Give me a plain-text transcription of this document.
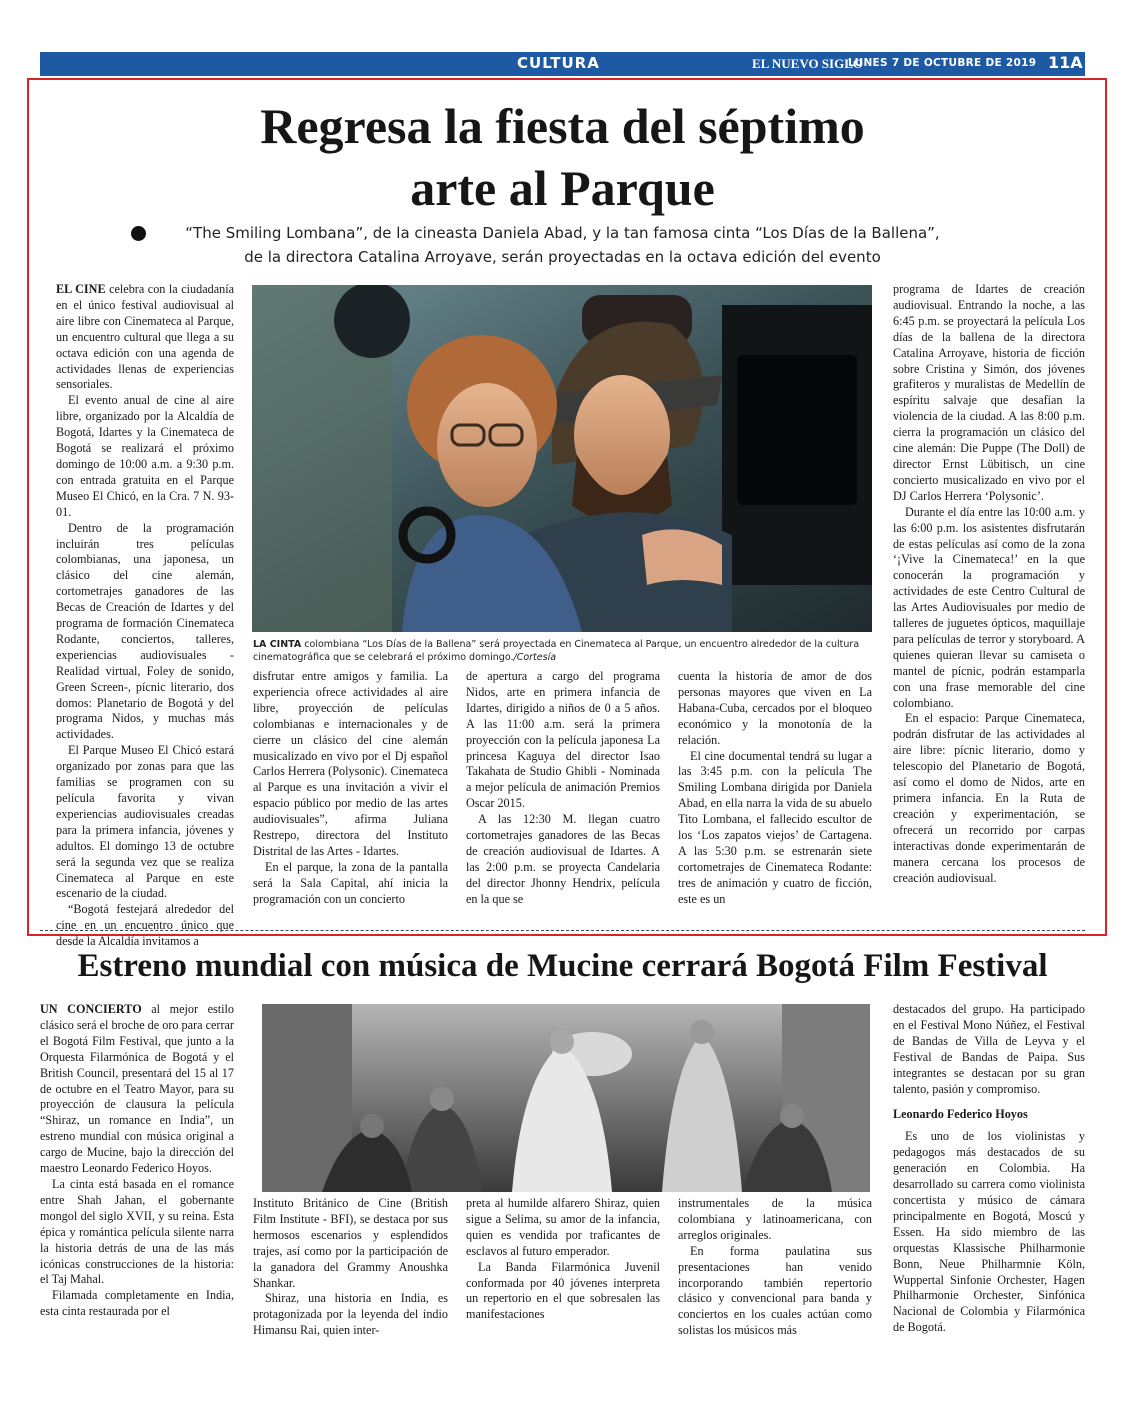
CULTURA	EL NUEVO SIGLO
LUNES 7 DE OCTUBRE DE 2019 11A
Regresa la fiesta del séptimo
arte al Parque
“The Smiling Lombana”, de la cineasta Daniela Abad, y la tan famosa cinta “Los Días de la Ballena”,
de la directora Catalina Arroyave, serán proyectadas en la octava edición del evento

EL CINE celebra con la ciudadanía en el único festival audiovisual al aire libre con Cinemateca al Parque, un encuentro cultural que llega a su octava edición con una agenda de actividades llenas de experiencias sensoriales.

El evento anual de cine al aire libre, organizado por la Alcaldía de Bogotá, Idartes y la Cinemateca de Bogotá se realizará el próximo domingo de 10:00 a.m. a 9:30 p.m. con entrada gratuita en el Parque Museo El Chicó, en la Cra. 7 N. 93-01.

Dentro de la programación incluirán tres películas colombianas, una japonesa, un clásico del cine alemán, cortometrajes ganadores de las Becas de Creación de Idartes y del programa de formación Cinemateca Rodante, conciertos, talleres, experiencias audiovisuales -Realidad virtual, Foley de sonido, Green Screen-, pícnic literario, dos domos: Planetario de Bogotá y del programa Nidos, y muchas más actividades.

El Parque Museo El Chicó estará organizado por zonas para que las familias se programen con su película favorita y vivan experiencias audiovisuales creadas para la primera infancia, jóvenes y adultos. El domingo 13 de octubre será la segunda vez que se realiza Cinemateca al Parque en este escenario de la ciudad.

“Bogotá festejará alrededor del cine en un encuentro único que desde la Alcaldía invitamos a

LA CINTA colombiana “Los Días de la Ballena” será proyectada en Cinemateca al Parque, un encuentro alrededor de la cultura cinematográfica que se celebrará el próximo domingo./Cortesía

disfrutar entre amigos y familia. La experiencia ofrece actividades al aire libre, proyección de películas colombianas e internacionales y de cierre un clásico del cine alemán musicalizado en vivo por el Dj español Carlos Herrera (Polysonic). Cinemateca al Parque es una invitación a vivir el espacio público por medio de las artes audiovisuales”, afirma Juliana Restrepo, directora del Instituto Distrital de las Artes - Idartes.

En el parque, la zona de la pantalla será la Sala Capital, ahí inicia la programación con un concierto

de apertura a cargo del programa Nidos, arte en primera infancia de Idartes, dirigido a niños de 0 a 5 años. A las 11:00 a.m. será la primera proyección con la película japonesa La princesa Kaguya del director Isao Takahata de Studio Ghibli - Nominada a mejor película de animación Premios Oscar 2015.

A las 12:30 M. llegan cuatro cortometrajes ganadores de las Becas de creación audiovisual de Idartes. A las 2:00 p.m. se proyecta Candelaria del director Jhonny Hendrix, película en la que se

cuenta la historia de amor de dos personas mayores que viven en La Habana-Cuba, cercados por el bloqueo económico y la monotonía de la relación.

El cine documental tendrá su lugar a las 3:45 p.m. con la película The Smiling Lombana dirigida por Daniela Abad, en ella narra la vida de su abuelo Tito Lombana, el fallecido escultor de los ‘Los zapatos viejos’ de Cartagena. A las 5:30 p.m. se estrenarán siete cortometrajes de Cinemateca Rodante: tres de animación y cuatro de ficción, este es un

programa de Idartes de creación audiovisual. Entrando la noche, a las 6:45 p.m. se proyectará la película Los días de la ballena de la directora Catalina Arroyave, historia de ficción sobre Cristina y Simón, dos jóvenes grafiteros y muralistas de Medellín de espíritu salvaje que desafían la violencia de la ciudad. A las 8:00 p.m. cierra la programación un clásico del cine alemán: Die Puppe (The Doll) de director Ernst Lübitisch, un cine concierto musicalizado en vivo por el DJ Carlos Herrera ‘Polysonic’.

Durante el día entre las 10:00 a.m. y las 6:00 p.m. los asistentes disfrutarán de estas películas así como de la zona ‘¡Vive la Cinemateca!’ en la que conocerán la programación y actividades de este Centro Cultural de las Artes Audiovisuales por medio de talleres de juguetes ópticos, maquillaje para películas de terror y storyboard. A quienes quieran llevar su camiseta o mantel de pícnic, podrán estamparla con una frase memorable del cine colombiano.

En el espacio: Parque Cinemateca, podrán disfrutar de las actividades al aire libre: pícnic literario, domo y telescopio del Planetario de Bogotá, así como el domo de Nidos, arte en primera infancia. En la Ruta de creación y experimentación, se ofrecerá un recorrido por carpas interactivas donde experimentarán de manera cercana los procesos de creación audiovisual.

Estreno mundial con música de Mucine cerrará Bogotá Film Festival

UN CONCIERTO al mejor estilo clásico será el broche de oro para cerrar el Bogotá Film Festival, que junto a la Orquesta Filarmónica de Bogotá y el British Council, presentará del 15 al 17 de octubre en el Teatro Mayor, para su proyección de clausura la película “Shiraz, un romance en India”, un estreno mundial con música original a cargo de Mucine, bajo la dirección del maestro Leonardo Federico Hoyos.

La cinta está basada en el romance entre Shah Jahan, el gobernante mongol del siglo XVII, y su reina. Esta épica y romántica película silente narra la historia detrás de una de las más icónicas construcciones de la historia: el Taj Mahal.

Filamada completamente en India, esta cinta restaurada por el

Instituto Británico de Cine (British Film Institute - BFI), se destaca por sus hermosos escenarios y esplendidos trajes, así como por la participación de la ganadora del Grammy Anoushka Shankar.

Shiraz, una historia en India, es protagonizada por la leyenda del indio Himansu Rai, quien inter-

preta al humilde alfarero Shiraz, quien sigue a Selima, su amor de la infancia, quien es vendida por traficantes de esclavos al futuro emperador.

La Banda Filarmónica Juvenil conformada por 40 jóvenes interpreta un repertorio en el que sobresalen las manifestaciones

instrumentales de la música colombiana y latinoamericana, con arreglos originales.

En forma paulatina sus presentaciones han venido incorporando también repertorio clásico y convencional para banda y conciertos en los cuales actúan como solistas los músicos más

destacados del grupo. Ha participado en el Festival Mono Núñez, el Festival de Bandas de Villa de Leyva y el Festival de Bandas de Paipa. Sus integrantes se destacan por su gran talento, pasión y compromiso.

Leonardo Federico Hoyos

Es uno de los violinistas y pedagogos más destacados de su generación en Colombia. Ha desarrollado su carrera como violinista concertista y músico de cámara principalmente en Bogotá, Moscú y Essen. Ha sido miembro de las orquestas Klassische Philharmonie Bonn, Neue Philharmnie Köln, Wuppertal Sinfonie Orchester, Hagen Philharmonie Orchester, Sinfónica Nacional de Colombia y Filarmónica de Bogotá.
